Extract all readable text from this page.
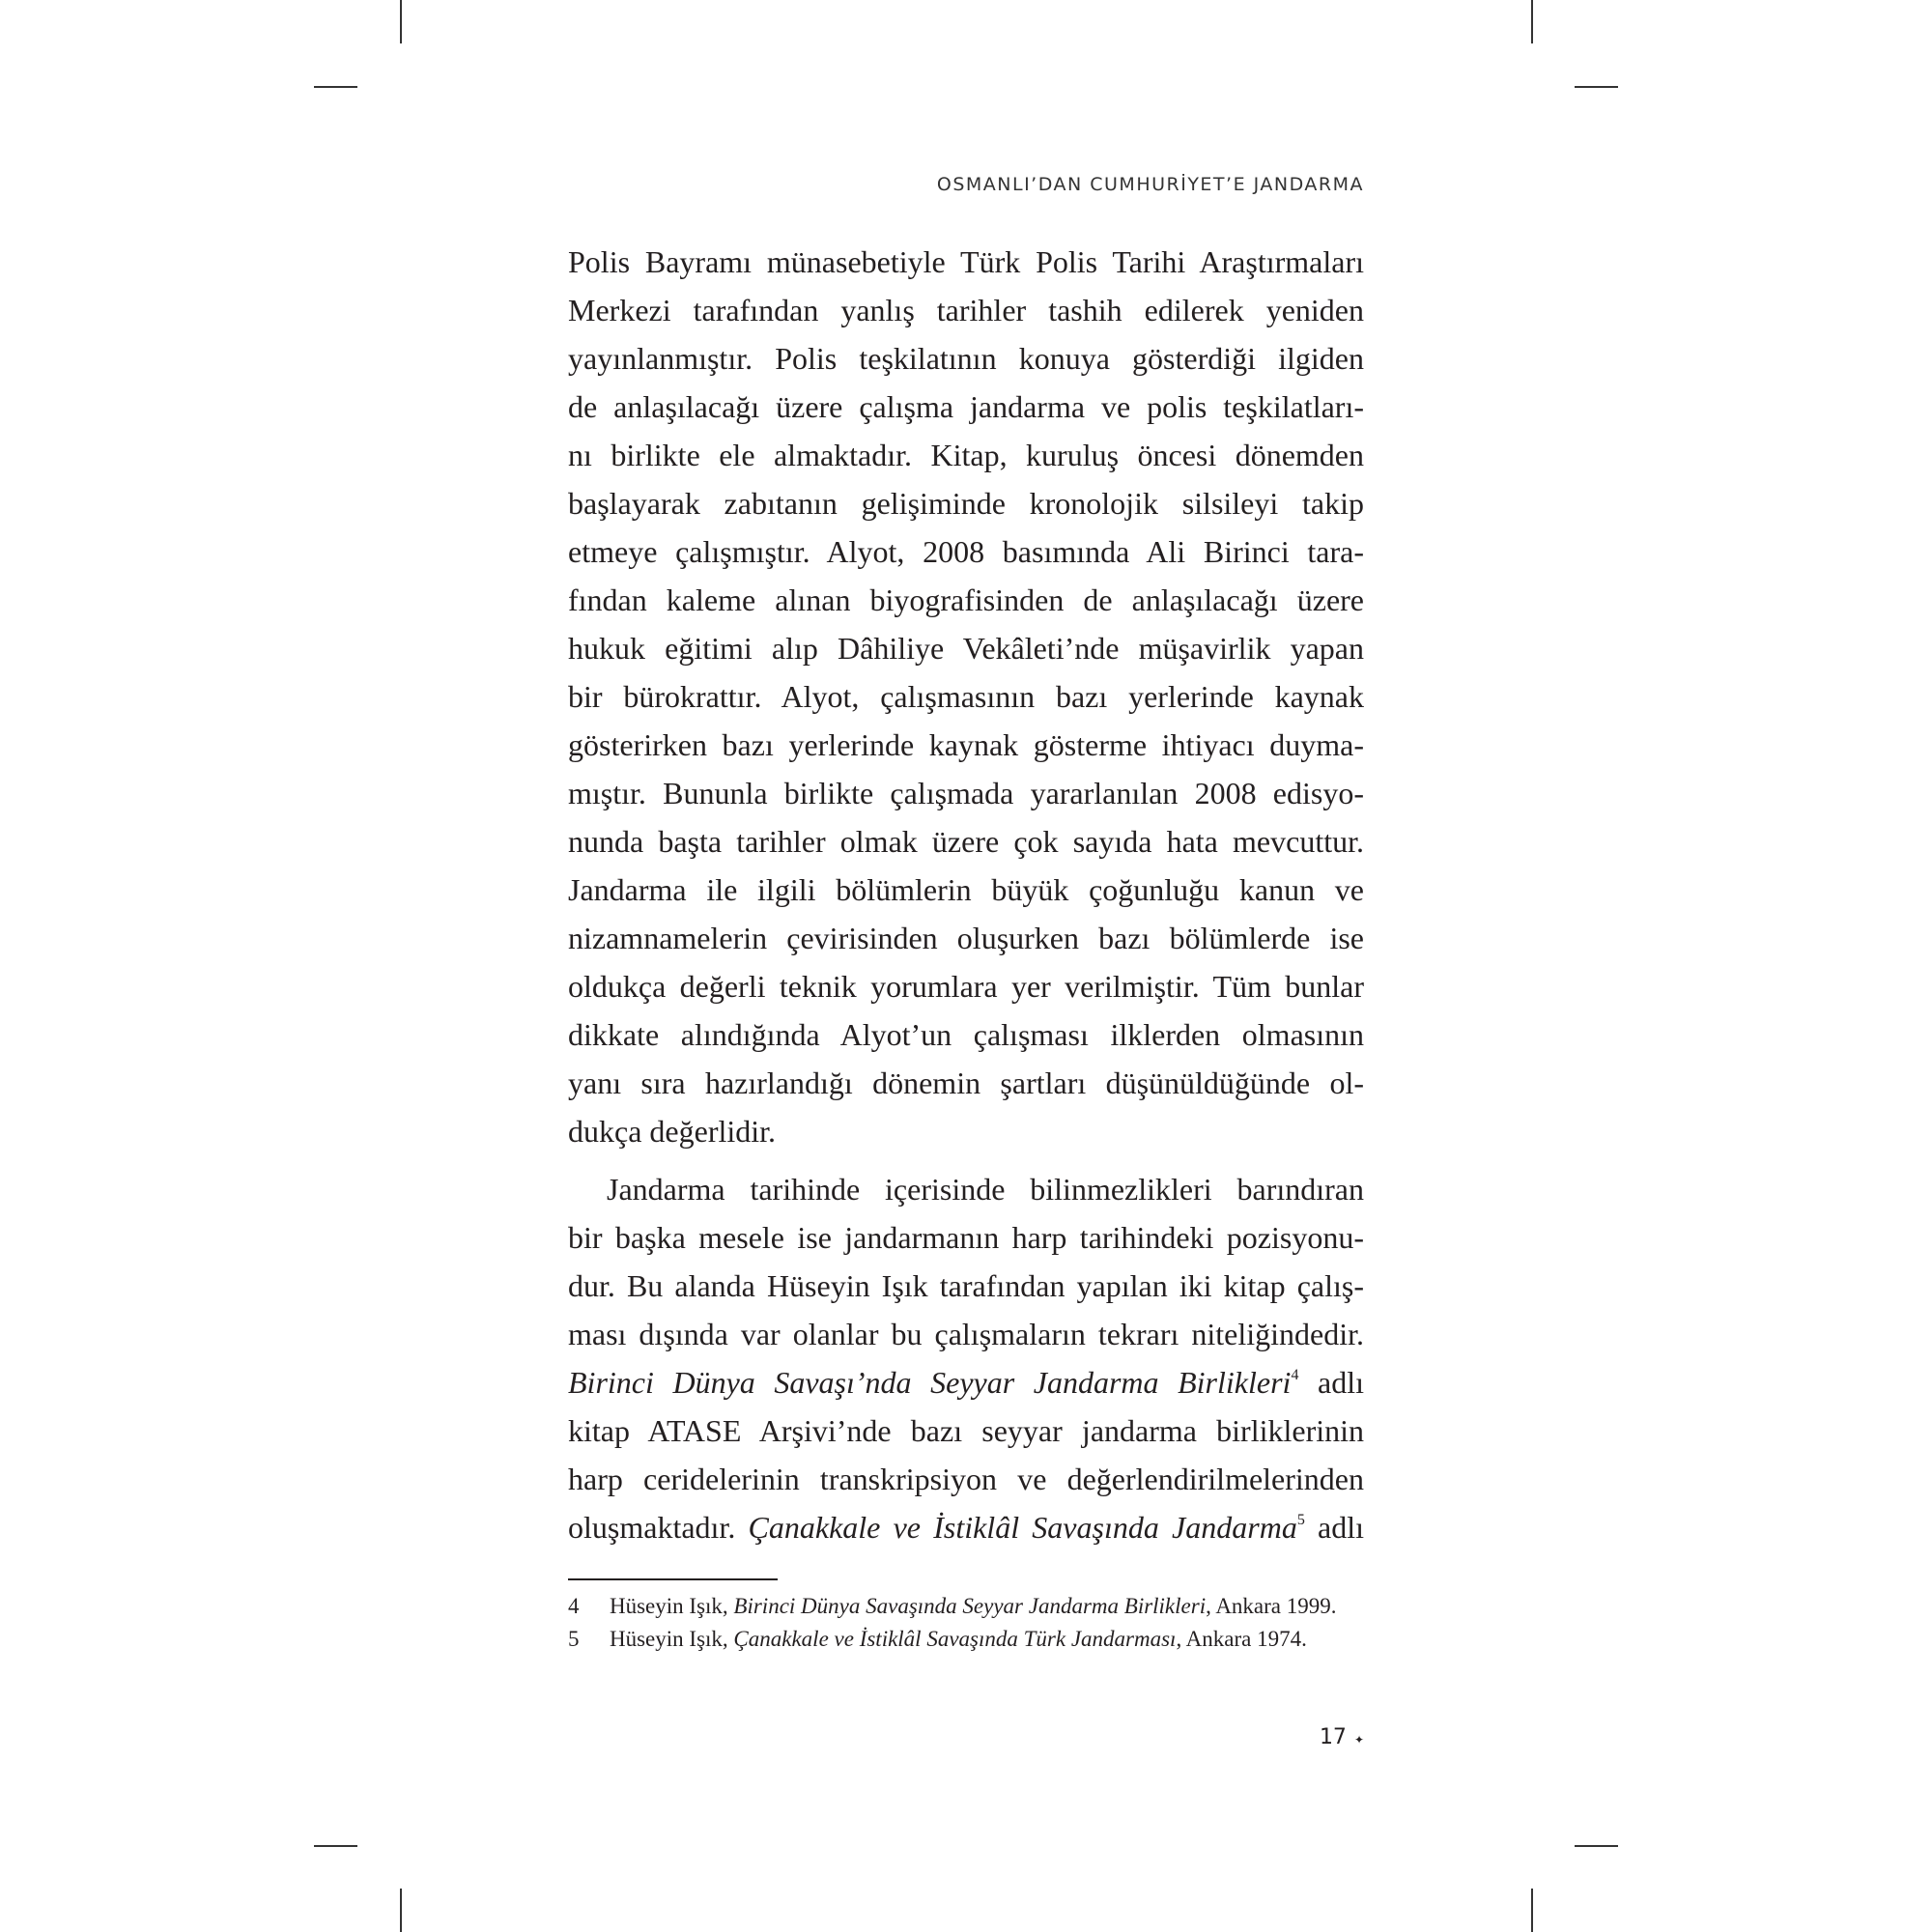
OSMANLI’DAN CUMHURİYET’E JANDARMA
Polis Bayramı münasebetiyle Türk Polis Tarihi Araştırmaları
Merkezi tarafından yanlış tarihler tashih edilerek yeniden
yayınlanmıştır. Polis teşkilatının konuya gösterdiği ilgiden
de anlaşılacağı üzere çalışma jandarma ve polis teşkilatları-
nı birlikte ele almaktadır. Kitap, kuruluş öncesi dönemden
başlayarak zabıtanın gelişiminde kronolojik silsileyi takip
etmeye çalışmıştır. Alyot, 2008 basımında Ali Birinci tara-
fından kaleme alınan biyografisinden de anlaşılacağı üzere
hukuk eğitimi alıp Dâhiliye Vekâleti’nde müşavirlik yapan
bir bürokrattır. Alyot, çalışmasının bazı yerlerinde kaynak
gösterirken bazı yerlerinde kaynak gösterme ihtiyacı duyma-
mıştır. Bununla birlikte çalışmada yararlanılan 2008 edisyo-
nunda başta tarihler olmak üzere çok sayıda hata mevcuttur.
Jandarma ile ilgili bölümlerin büyük çoğunluğu kanun ve
nizamnamelerin çevirisinden oluşurken bazı bölümlerde ise
oldukça değerli teknik yorumlara yer verilmiştir. Tüm bunlar
dikkate alındığında Alyot’un çalışması ilklerden olmasının
yanı sıra hazırlandığı dönemin şartları düşünüldüğünde ol-
dukça değerlidir.
Jandarma tarihinde içerisinde bilinmezlikleri barındıran
bir başka mesele ise jandarmanın harp tarihindeki pozisyonu-
dur. Bu alanda Hüseyin Işık tarafından yapılan iki kitap çalış-
ması dışında var olanlar bu çalışmaların tekrarı niteliğindedir.
Birinci Dünya Savaşı’nda Seyyar Jandarma Birlikleri$^4$ adlı
kitap ATASE Arşivi’nde bazı seyyar jandarma birliklerinin
harp ceridelerinin transkripsiyon ve değerlendirilmelerinden
oluşmaktadır. Çanakkale ve İstiklâl Savaşında Jandarma$^5$ adlı
4 Hüseyin Işık, Birinci Dünya Savaşında Seyyar Jandarma Birlikleri, Ankara 1999.
5 Hüseyin Işık, Çanakkale ve İstiklâl Savaşında Türk Jandarması, Ankara 1974.
17 ✦
